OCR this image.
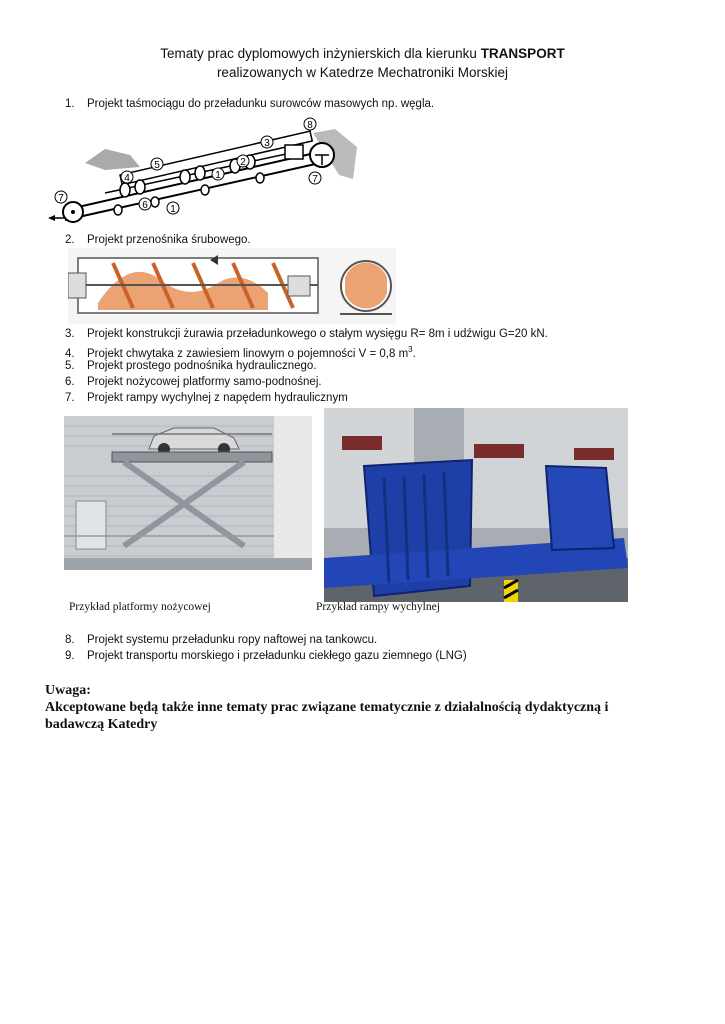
Tematy prac dyplomowych inżynierskich dla kierunku TRANSPORT
realizowanych w Katedrze Mechatroniki Morskiej
1. Projekt taśmociągu do przeładunku surowców masowych np. węgla.
8
3
2
5
4	1
7
6 1
7
2. Projekt przenośnika śrubowego.
3. Projekt konstrukcji żurawia przeładunkowego o stałym wysięgu R= 8m i udźwigu G=20 kN.
4. Projekt chwytaka z zawiesiem linowym o pojemności V = 0,8 $m^3$.
5. Projekt prostego podnośnika hydraulicznego.
6. Projekt nożycowej platformy samo-podnośnej.
7. Projekt rampy wychylnej z napędem hydraulicznym
Przykład platformy nożycowej	Przykład rampy wychylnej
8. Projekt systemu przeładunku ropy naftowej na tankowcu.
9. Projekt transportu morskiego i przeładunku ciekłego gazu ziemnego (LNG)
Uwaga:
Akceptowane będą także inne tematy prac związane tematycznie z działalnością dydaktyczną i
badawczą Katedry
